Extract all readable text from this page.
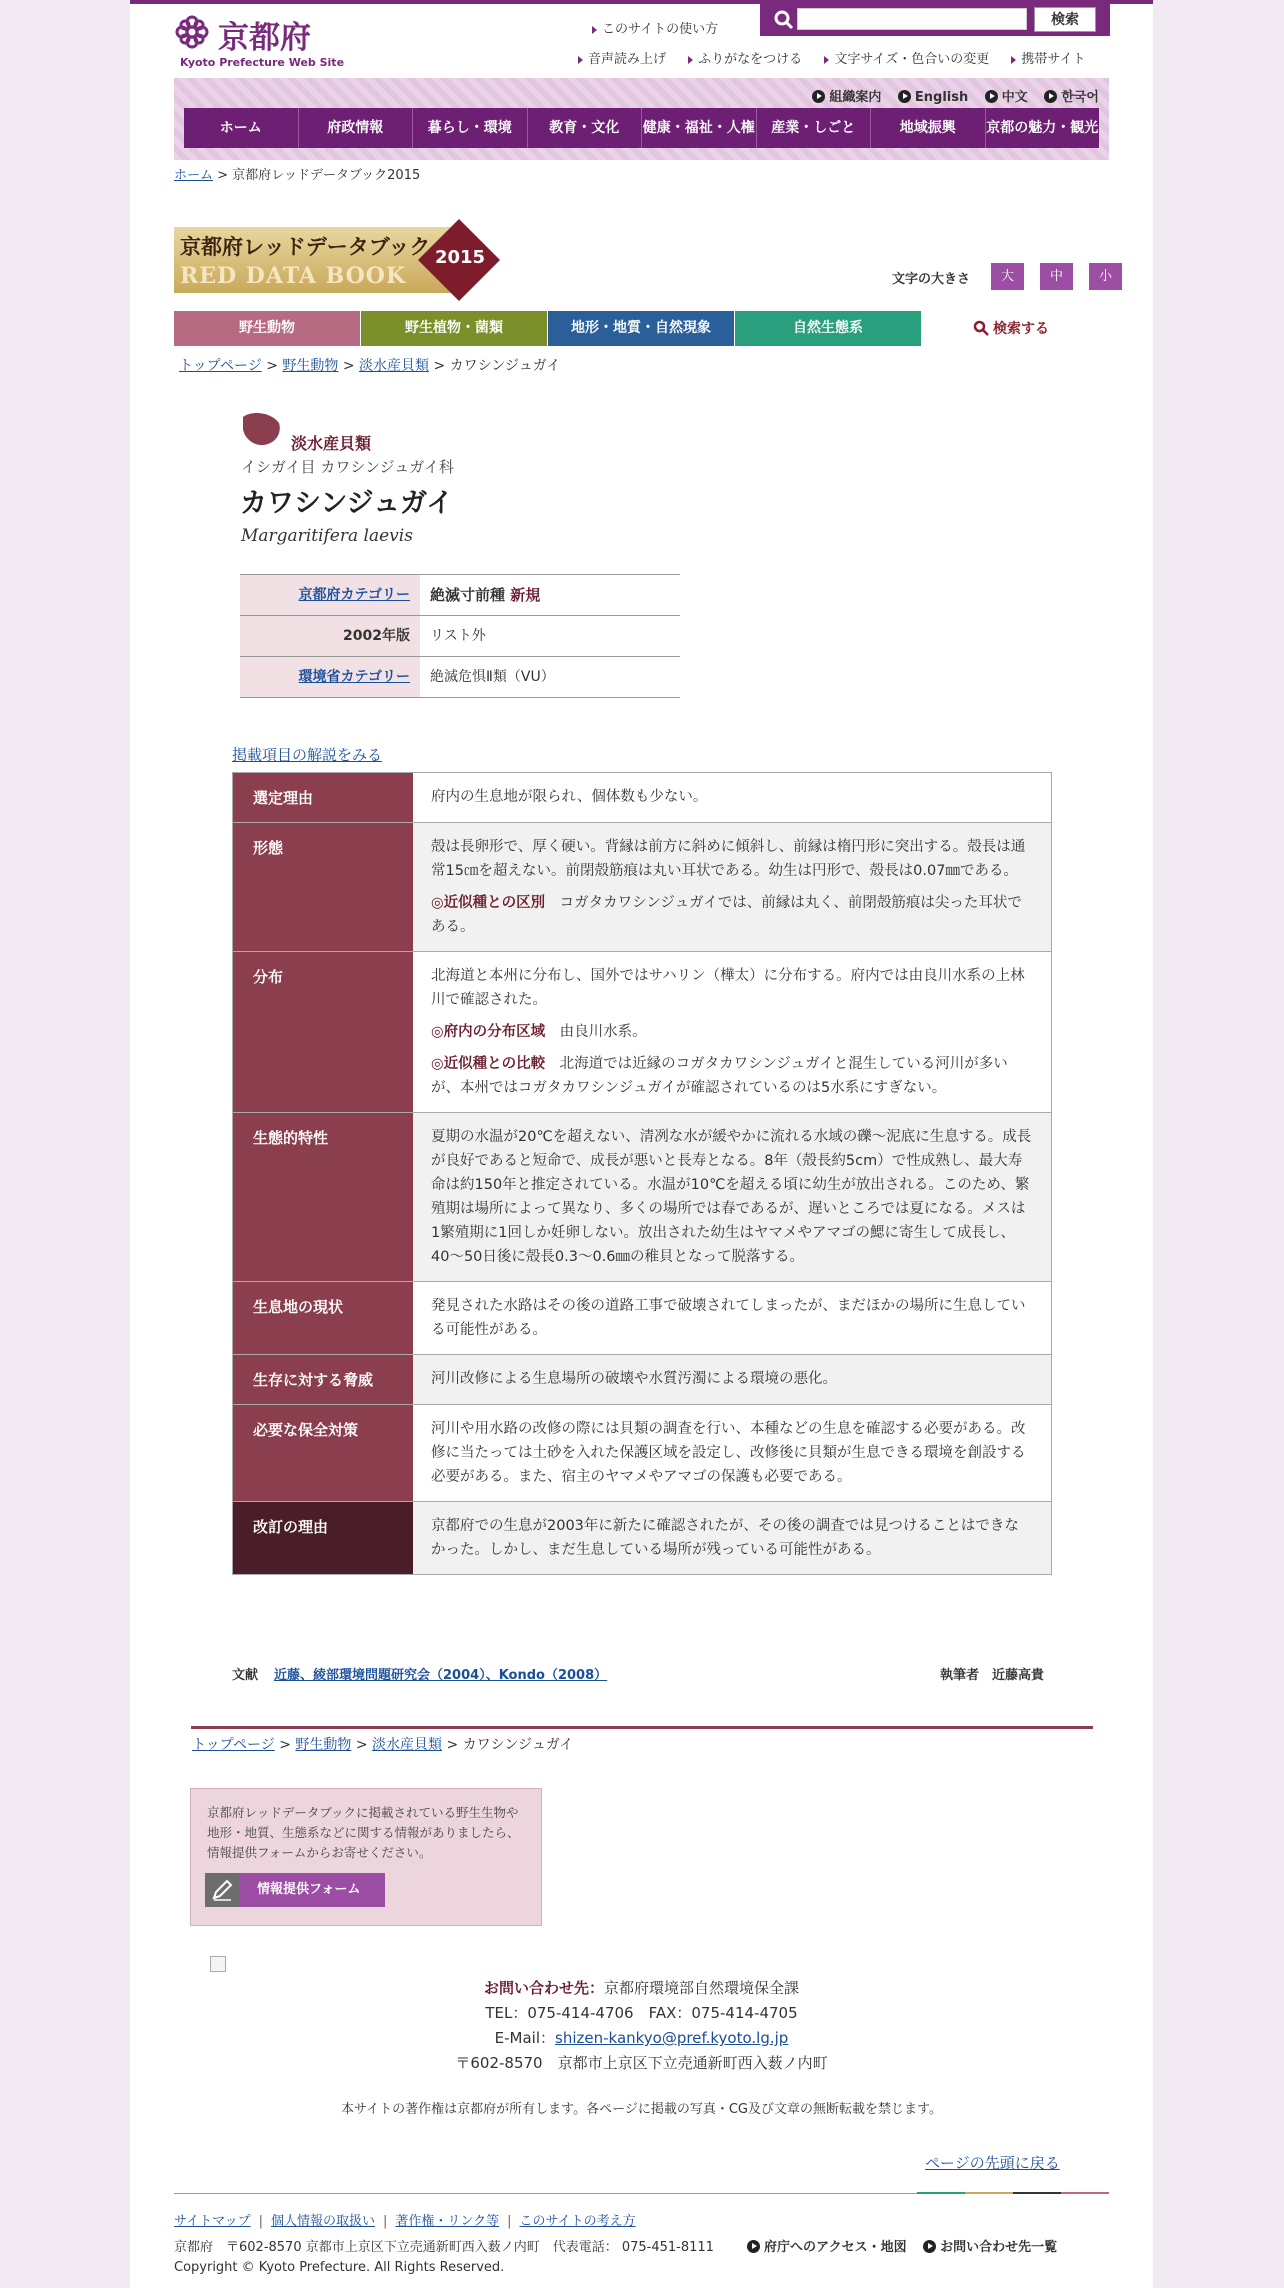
京都府
Kyoto Prefecture Web Site
このサイトの使い方
検索
音声読み上げ ふりがなをつける 文字サイズ・色合いの変更 携帯サイト
組織案内	English	中文	한국어
ホーム	府政情報	暮らし・環境	教育・文化	健康・福祉・人権	産業・しごと	地域振興	京都の魅力・観光
ホーム > 京都府レッドデータブック2015
京都府レッドデータブック
RED DATA BOOK
2015
文字の大きさ	大	中	小
野生動物	野生植物・菌類	地形・地質・自然現象	自然生態系	検索する
トップページ > 野生動物 > 淡水産貝類 > カワシンジュガイ
淡水産貝類
イシガイ目 カワシンジュガイ科
カワシンジュガイ
Margaritifera laevis
京都府カテゴリー	絶滅寸前種 新規
2002年版	リスト外
環境省カテゴリー	絶滅危惧Ⅱ類（VU）
掲載項目の解説をみる
選定理由	府内の生息地が限られ、個体数も少ない。
形態	殻は長卵形で、厚く硬い。背縁は前方に斜めに傾斜し、前縁は楕円形に突出する。殻長は通常15㎝を超えない。前閉殻筋痕は丸い耳状である。幼生は円形で、殻長は0.07㎜である。

◎近似種との区別　 コガタカワシンジュガイでは、前縁は丸く、前閉殻筋痕は尖った耳状である。

分布	北海道と本州に分布し、国外ではサハリン（樺太）に分布する。府内では由良川水系の上林川で確認された。

◎府内の分布区域　 由良川水系。

◎近似種との比較　 北海道では近縁のコガタカワシンジュガイと混生している河川が多いが、本州ではコガタカワシンジュガイが確認されているのは5水系にすぎない。

生態的特性	夏期の水温が20℃を超えない、清冽な水が緩やかに流れる水域の礫～泥底に生息する。成長が良好であると短命で、成長が悪いと長寿となる。8年（殻長約5cm）で性成熟し、最大寿命は約150年と推定されている。水温が10℃を超える頃に幼生が放出される。このため、繁殖期は場所によって異なり、多くの場所では春であるが、遅いところでは夏になる。メスは1繁殖期に1回しか妊卵しない。放出された幼生はヤマメやアマゴの鰓に寄生して成長し、40～50日後に殻長0.3～0.6㎜の稚貝となって脱落する。
生息地の現状	発見された水路はその後の道路工事で破壊されてしまったが、まだほかの場所に生息している可能性がある。
生存に対する脅威	河川改修による生息場所の破壊や水質汚濁による環境の悪化。
必要な保全対策	河川や用水路の改修の際には貝類の調査を行い、本種などの生息を確認する必要がある。改修に当たっては土砂を入れた保護区域を設定し、改修後に貝類が生息できる環境を創設する必要がある。また、宿主のヤマメやアマゴの保護も必要である。
改訂の理由	京都府での生息が2003年に新たに確認されたが、その後の調査では見つけることはできなかった。しかし、まだ生息している場所が残っている可能性がある。
文献 近藤、綾部環境問題研究会（2004）、Kondo（2008）	執筆者　 近藤高貴
トップページ > 野生動物 > 淡水産貝類 > カワシンジュガイ

京都府レッドデータブックに掲載されている野生生物や地形・地質、生態系などに関する情報がありましたら、情報提供フォームからお寄せください。

情報提供フォーム
お問い合わせ先：京都府環境部自然環境保全課
TEL：075-414-4706　FAX：075-414-4705
E-Mail：shizen-kankyo@pref.kyoto.lg.jp
〒602-8570　京都市上京区下立売通新町西入薮ノ内町
本サイトの著作権は京都府が所有します。各ページに掲載の写真・CG及び文章の無断転載を禁じます。
ページの先頭に戻る
サイトマップ | 個人情報の取扱い | 著作権・リンク等 | このサイトの考え方
京都府　〒602-8570 京都市上京区下立売通新町西入薮ノ内町　代表電話： 075-451-8111	府庁へのアクセス・地図	お問い合わせ先一覧
Copyright © Kyoto Prefecture. All Rights Reserved.
